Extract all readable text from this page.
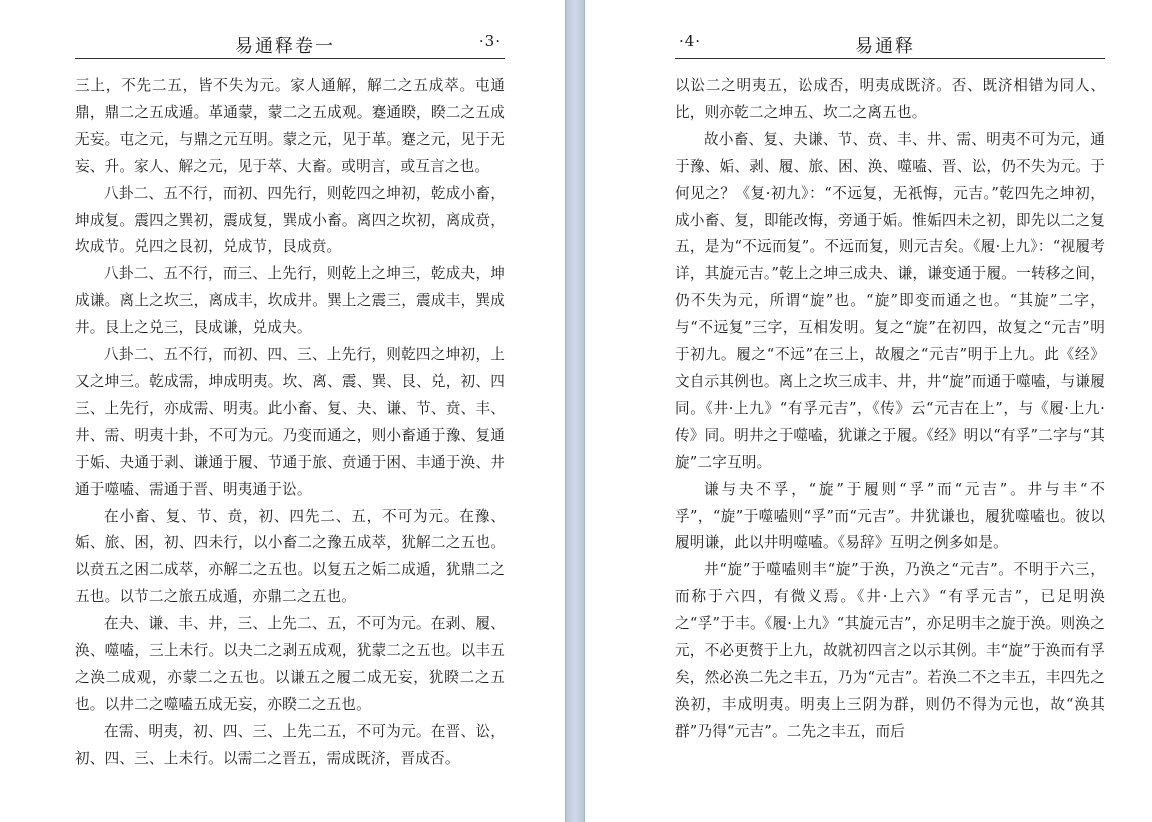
易通释卷一	·3·

三上，不先二五，皆不失为元。家人通解，解二之五成萃。屯通鼎，鼎二之五成遁。革通蒙，蒙二之五成观。蹇通睽，睽二之五成无妄。屯之元，与鼎之元互明。蒙之元，见于革。蹇之元，见于无妄、升。家人、解之元，见于萃、大畜。或明言，或互言之也。

八卦二、五不行，而初、四先行，则乾四之坤初，乾成小畜，坤成复。震四之巽初，震成复，巽成小畜。离四之坎初，离成贲，坎成节。兑四之艮初，兑成节，艮成贲。

八卦二、五不行，而三、上先行，则乾上之坤三，乾成夬，坤成谦。离上之坎三，离成丰，坎成井。巽上之震三，震成丰，巽成井。艮上之兑三，艮成谦，兑成夬。

八卦二、五不行，而初、四、三、上先行，则乾四之坤初，上又之坤三。乾成需，坤成明夷。坎、离、震、巽、艮、兑，初、四三、上先行，亦成需、明夷。此小畜、复、夬、谦、节、贲、丰、井、需、明夷十卦，不可为元。乃变而通之，则小畜通于豫、复通于姤、夬通于剥、谦通于履、节通于旅、贲通于困、丰通于涣、井通于噬嗑、需通于晋、明夷通于讼。

在小畜、复、节、贲，初、四先二、五，不可为元。在豫、姤、旅、困，初、四未行，以小畜二之豫五成萃，犹解二之五也。以贲五之困二成萃，亦解二之五也。以复五之姤二成遁，犹鼎二之五也。以节二之旅五成遁，亦鼎二之五也。

在夬、谦、丰、井，三、上先二、五，不可为元。在剥、履、涣、噬嗑，三上未行。以夬二之剥五成观，犹蒙二之五也。以丰五之涣二成观，亦蒙二之五也。以谦五之履二成无妄，犹睽二之五也。以井二之噬嗑五成无妄，亦睽二之五也。

在需、明夷，初、四、三、上先二五，不可为元。在晋、讼，初、四、三、上未行。以需二之晋五，需成既济，晋成否。

·4·	易通释

以讼二之明夷五，讼成否，明夷成既济。否、既济相错为同人、比，则亦乾二之坤五、坎二之离五也。

故小畜、复、夬谦、节、贲、丰、井、需、明夷不可为元，通于豫、姤、剥、履、旅、困、涣、噬嗑、晋、讼，仍不失为元。于何见之？《复·初九》：“不远复，无祇悔，元吉。”乾四先之坤初，成小畜、复，即能改悔，旁通于姤。惟姤四未之初，即先以二之复五，是为“不远而复”。不远而复，则元吉矣。《履·上九》：“视履考详，其旋元吉。”乾上之坤三成夬、谦，谦变通于履。一转移之间，仍不失为元，所谓“旋”也。“旋”即变而通之也。“其旋”二字，与“不远复”三字，互相发明。复之“旋”在初四，故复之“元吉”明于初九。履之“不远”在三上，故履之“元吉”明于上九。此《经》文自示其例也。离上之坎三成丰、井，井“旋”而通于噬嗑，与谦履同。《井·上九》“有孚元吉”，《传》云“元吉在上”，与《履·上九·传》同。明井之于噬嗑，犹谦之于履。《经》明以“有孚”二字与“其旋”二字互明。

谦与夬不孚，“旋”于履则“孚”而“元吉”。井与丰“不孚”，“旋”于噬嗑则“孚”而“元吉”。井犹谦也，履犹噬嗑也。彼以履明谦，此以井明噬嗑。《易辞》互明之例多如是。

井“旋”于噬嗑则丰“旋”于涣，乃涣之“元吉”。不明于六三，而称于六四，有微义焉。《井·上六》“有孚元吉”，已足明涣之“孚”于丰。《履·上九》“其旋元吉”，亦足明丰之旋于涣。则涣之元，不必更赘于上九，故就初四言之以示其例。丰“旋”于涣而有孚矣，然必涣二先之丰五，乃为“元吉”。若涣二不之丰五，丰四先之涣初，丰成明夷。明夷上三阴为群，则仍不得为元也，故“涣其群”乃得“元吉”。二先之丰五，而后
